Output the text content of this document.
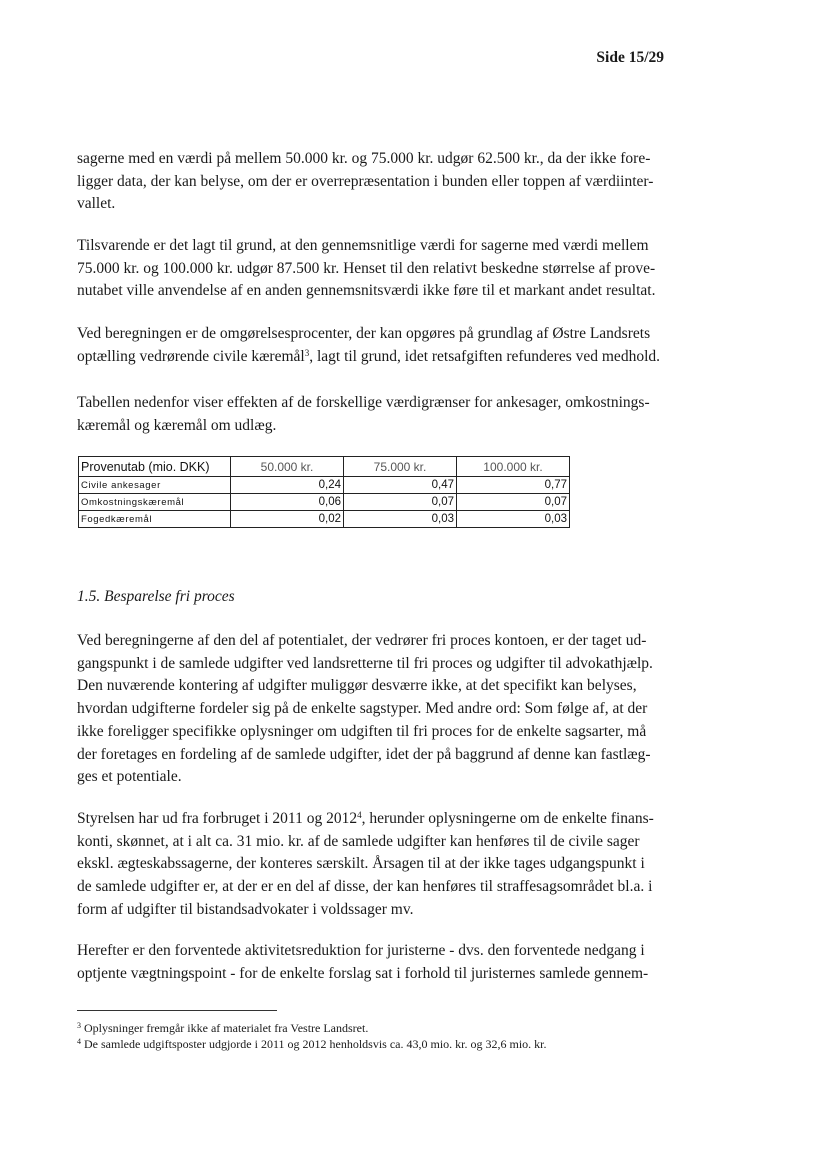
Side 15/29

sagerne med en værdi på mellem 50.000 kr. og 75.000 kr. udgør 62.500 kr., da der ikke fore-
ligger data, der kan belyse, om der er overrepræsentation i bunden eller toppen af værdiinter-
vallet.

Tilsvarende er det lagt til grund, at den gennemsnitlige værdi for sagerne med værdi mellem
75.000 kr. og 100.000 kr. udgør 87.500 kr. Henset til den relativt beskedne størrelse af prove-
nutabet ville anvendelse af en anden gennemsnitsværdi ikke føre til et markant andet resultat.

Ved beregningen er de omgørelsesprocenter, der kan opgøres på grundlag af Østre Landsrets
optælling vedrørende civile kæremål$^3$, lagt til grund, idet retsafgiften refunderes ved medhold.

Tabellen nedenfor viser effekten af de forskellige værdigrænser for ankesager, omkostnings-
kæremål og kæremål om udlæg.

Provenutab (mio. DKK)	50.000 kr.	75.000 kr.	100.000 kr.
Civile ankesager	0,24	0,47	0,77
Omkostningskæremål	0,06	0,07	0,07
Fogedkæremål	0,02	0,03	0,03
1.5. Besparelse fri proces

Ved beregningerne af den del af potentialet, der vedrører fri proces kontoen, er der taget ud-
gangspunkt i de samlede udgifter ved landsretterne til fri proces og udgifter til advokathjælp.
Den nuværende kontering af udgifter muliggør desværre ikke, at det specifikt kan belyses,
hvordan udgifterne fordeler sig på de enkelte sagstyper. Med andre ord: Som følge af, at der
ikke foreligger specifikke oplysninger om udgiften til fri proces for de enkelte sagsarter, må
der foretages en fordeling af de samlede udgifter, idet der på baggrund af denne kan fastlæg-
ges et potentiale.

Styrelsen har ud fra forbruget i 2011 og 2012$^4$, herunder oplysningerne om de enkelte finans-
konti, skønnet, at i alt ca. 31 mio. kr. af de samlede udgifter kan henføres til de civile sager
ekskl. ægteskabssagerne, der konteres særskilt. Årsagen til at der ikke tages udgangspunkt i
de samlede udgifter er, at der er en del af disse, der kan henføres til straffesagsområdet bl.a. i
form af udgifter til bistandsadvokater i voldssager mv.

Herefter er den forventede aktivitetsreduktion for juristerne - dvs. den forventede nedgang i
optjente vægtningspoint - for de enkelte forslag sat i forhold til juristernes samlede gennem-

$^3$ Oplysninger fremgår ikke af materialet fra Vestre Landsret.
$^4$ De samlede udgiftsposter udgjorde i 2011 og 2012 henholdsvis ca. 43,0 mio. kr. og 32,6 mio. kr.
